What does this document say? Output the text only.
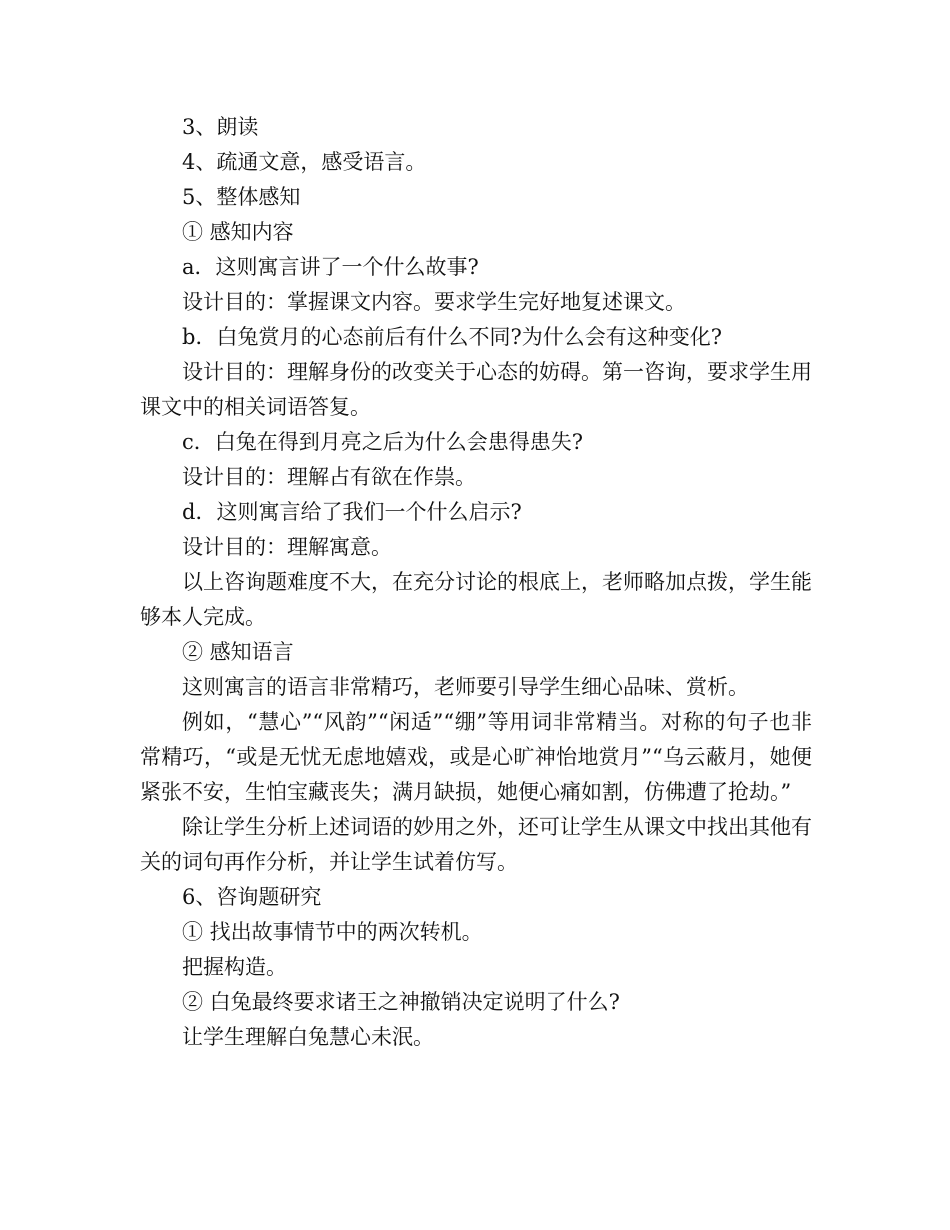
3、朗读

4、疏通文意，感受语言。

5、整体感知

① 感知内容

a．这则寓言讲了一个什么故事?

设计目的：掌握课文内容。要求学生完好地复述课文。

b．白兔赏月的心态前后有什么不同?为什么会有这种变化?

设计目的：理解身份的改变关于心态的妨碍。第一咨询，要求学生用课文中的相关词语答复。

c．白兔在得到月亮之后为什么会患得患失?

设计目的：理解占有欲在作祟。

d．这则寓言给了我们一个什么启示?

设计目的：理解寓意。

以上咨询题难度不大，在充分讨论的根底上，老师略加点拨，学生能够本人完成。

② 感知语言

这则寓言的语言非常精巧，老师要引导学生细心品味、赏析。

例如，“慧心”“风韵”“闲适”“绷”等用词非常精当。对称的句子也非常精巧，“或是无忧无虑地嬉戏，或是心旷神怡地赏月”“乌云蔽月，她便紧张不安，生怕宝藏丧失；满月缺损，她便心痛如割，仿佛遭了抢劫。”

除让学生分析上述词语的妙用之外，还可让学生从课文中找出其他有关的词句再作分析，并让学生试着仿写。

6、咨询题研究

① 找出故事情节中的两次转机。

把握构造。

② 白兔最终要求诸王之神撤销决定说明了什么?

让学生理解白兔慧心未泯。
